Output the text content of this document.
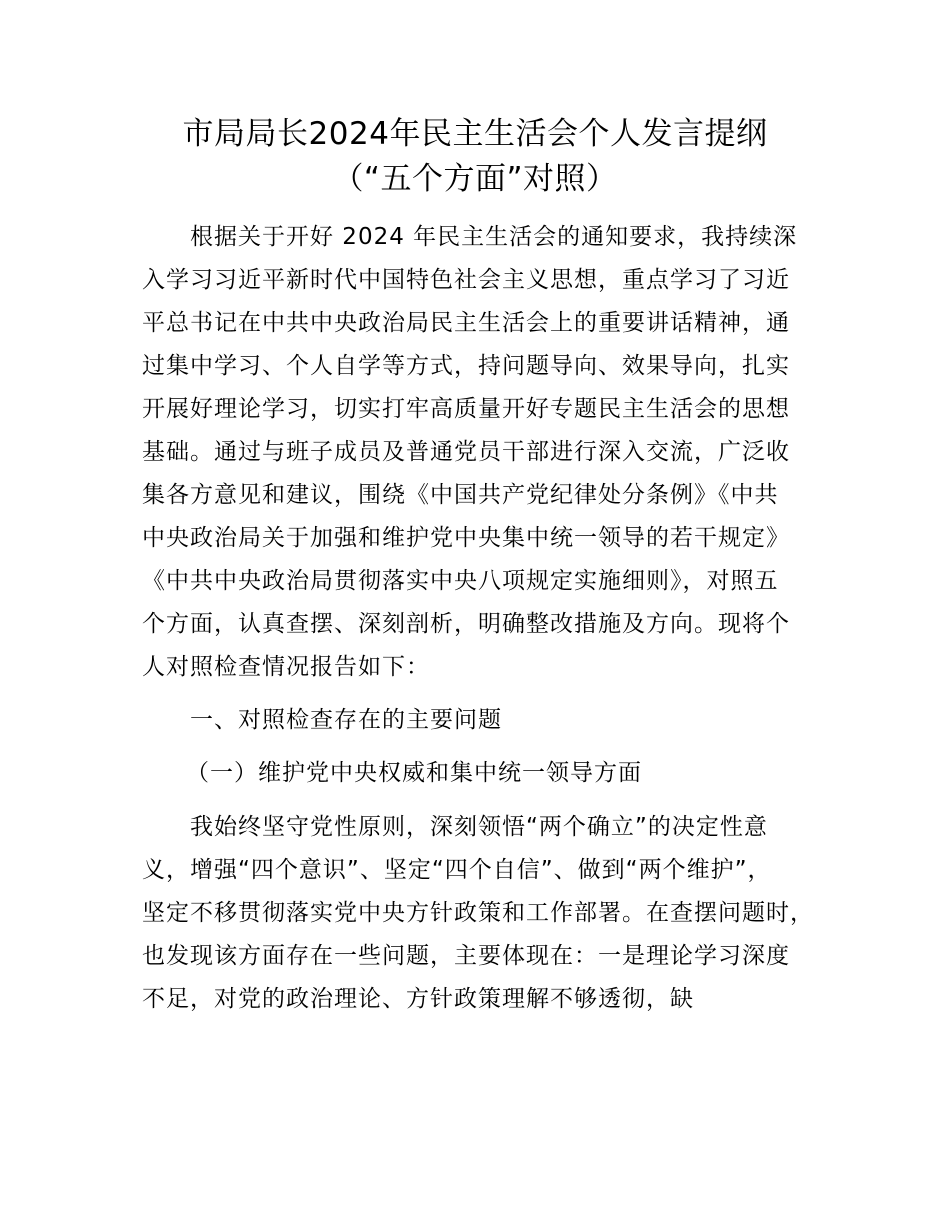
市局局长2024年民主生活会个人发言提纲
（“五个方面”对照）
根据关于开好 2024 年民主生活会的通知要求，我持续深
入学习习近平新时代中国特色社会主义思想，重点学习了习近
平总书记在中共中央政治局民主生活会上的重要讲话精神，通
过集中学习、个人自学等方式，持问题导向、效果导向，扎实
开展好理论学习，切实打牢高质量开好专题民主生活会的思想
基础。通过与班子成员及普通党员干部进行深入交流，广泛收
集各方意见和建议，围绕《中国共产党纪律处分条例》《中共
中央政治局关于加强和维护党中央集中统一领导的若干规定》
《中共中央政治局贯彻落实中央八项规定实施细则》，对照五
个方面，认真查摆、深刻剖析，明确整改措施及方向。现将个
人对照检查情况报告如下：
一、对照检查存在的主要问题
（一）维护党中央权威和集中统一领导方面
我始终坚守党性原则，深刻领悟“两个确立”的决定性意
义，增强“四个意识”、坚定“四个自信”、做到“两个维护”，
坚定不移贯彻落实党中央方针政策和工作部署。在查摆问题时，
也发现该方面存在一些问题，主要体现在：一是理论学习深度
不足，对党的政治理论、方针政策理解不够透彻，缺
